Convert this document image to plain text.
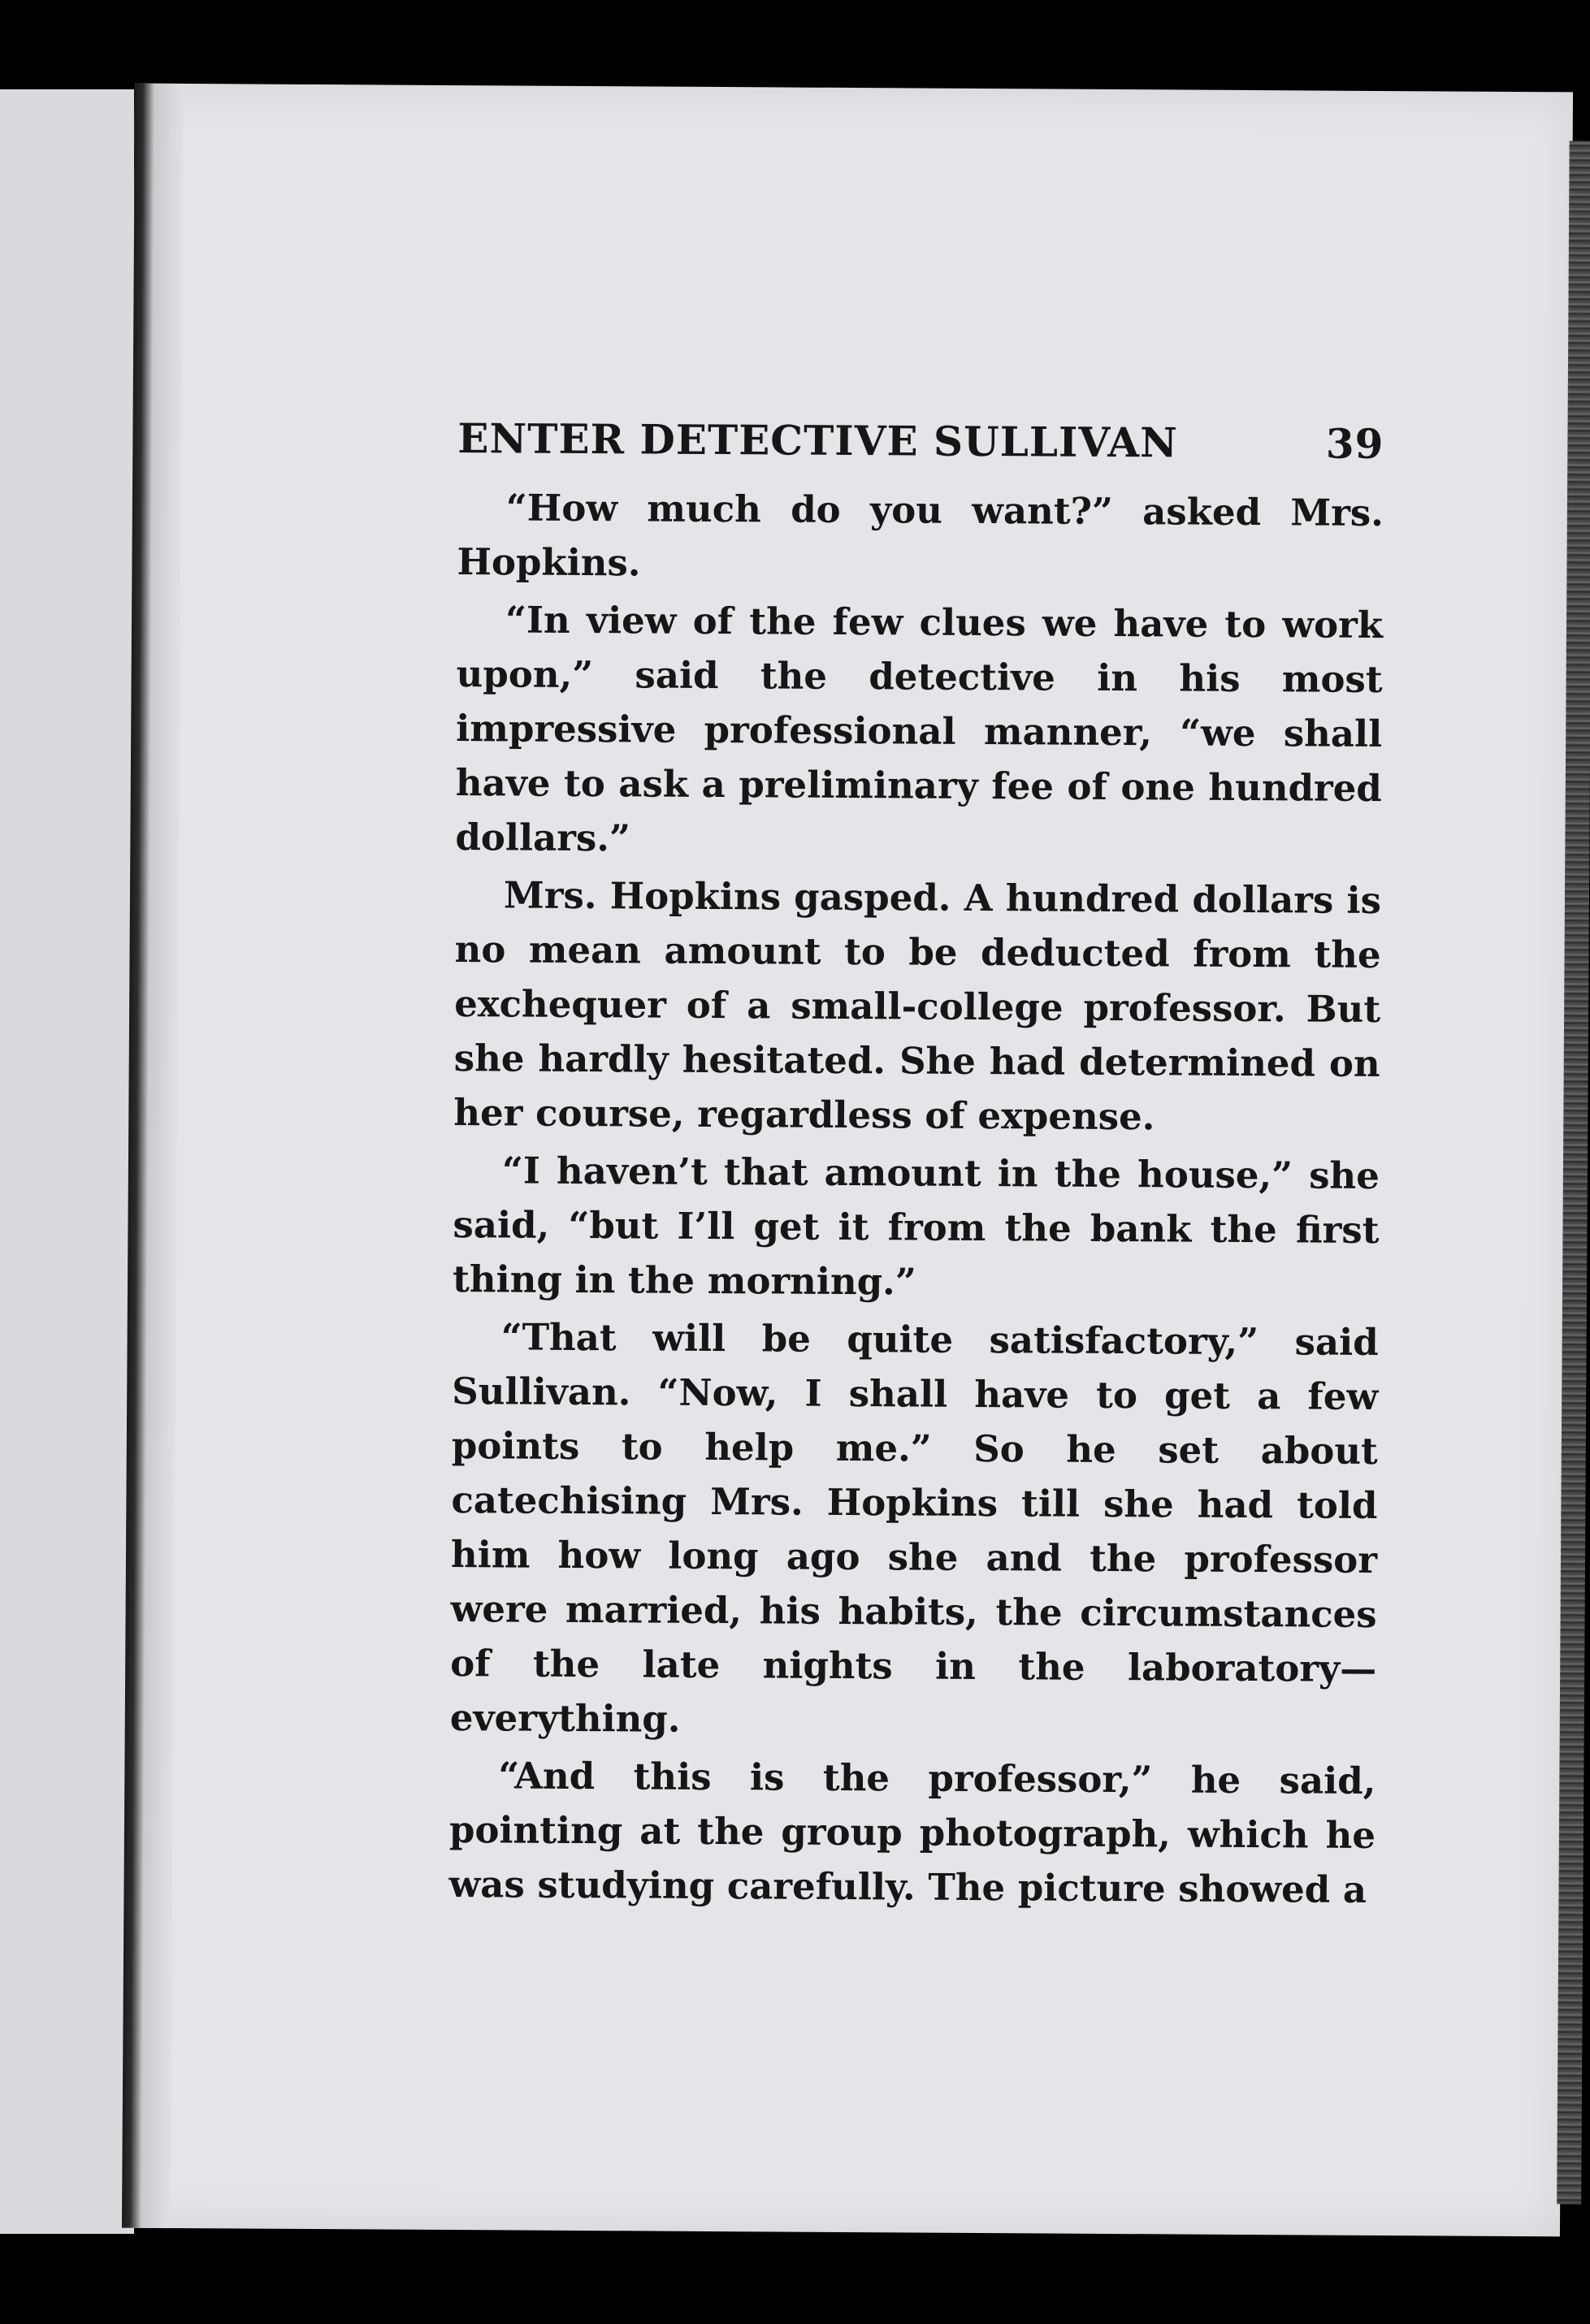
ENTER DETECTIVE SULLIVAN	39

“How much do you want?” asked Mrs. Hopkins.

“In view of the few clues we have to work upon,” said the detective in his most impressive professional manner, “we shall have to ask a preliminary fee of one hundred dollars.”

Mrs. Hopkins gasped. A hundred dollars is no mean amount to be deducted from the exchequer of a small-college professor. But she hardly hesitated. She had determined on her course, regardless of expense.

“I haven’t that amount in the house,” she said, “but I’ll get it from the bank the first thing in the morning.”

“That will be quite satisfactory,” said Sullivan. “Now, I shall have to get a few points to help me.” So he set about catechising Mrs. Hopkins till she had told him how long ago she and the professor were married, his habits, the circumstances of the late nights in the laboratory—everything.

“And this is the professor,” he said, pointing at the group photograph, which he was studying carefully. The picture showed a
